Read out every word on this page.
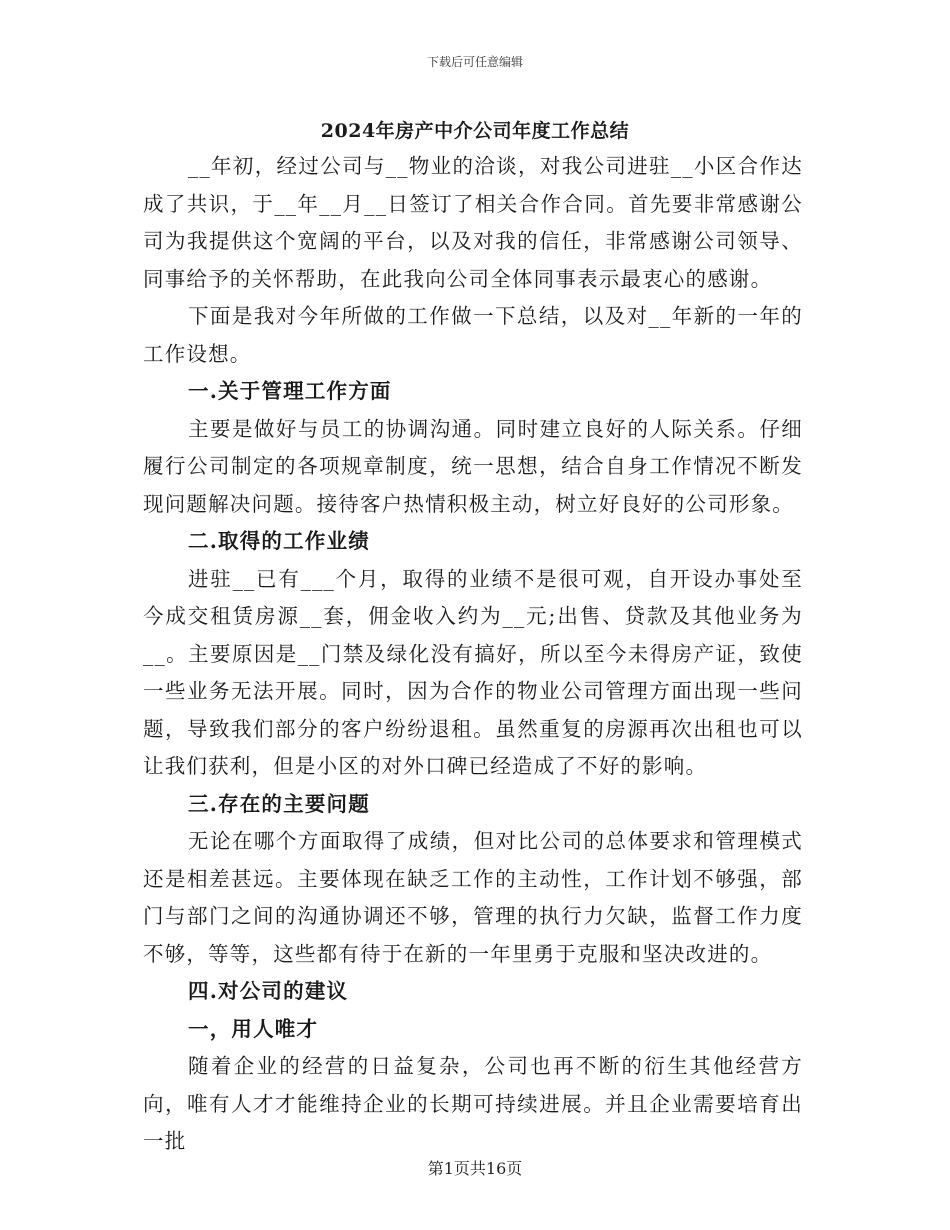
下载后可任意编辑
2024年房产中介公司年度工作总结

__年初，经过公司与__物业的洽谈，对我公司进驻__小区合作达成了共识，于__年__月__日签订了相关合作合同。首先要非常感谢公司为我提供这个宽阔的平台，以及对我的信任，非常感谢公司领导、同事给予的关怀帮助，在此我向公司全体同事表示最衷心的感谢。

下面是我对今年所做的工作做一下总结，以及对__年新的一年的工作设想。

一.关于管理工作方面

主要是做好与员工的协调沟通。同时建立良好的人际关系。仔细履行公司制定的各项规章制度，统一思想，结合自身工作情况不断发现问题解决问题。接待客户热情积极主动，树立好良好的公司形象。

二.取得的工作业绩

进驻__已有___个月，取得的业绩不是很可观，自开设办事处至今成交租赁房源__套，佣金收入约为__元;出售、贷款及其他业务为__。主要原因是__门禁及绿化没有搞好，所以至今未得房产证，致使一些业务无法开展。同时，因为合作的物业公司管理方面出现一些问题，导致我们部分的客户纷纷退租。虽然重复的房源再次出租也可以让我们获利，但是小区的对外口碑已经造成了不好的影响。

三.存在的主要问题

无论在哪个方面取得了成绩，但对比公司的总体要求和管理模式还是相差甚远。主要体现在缺乏工作的主动性，工作计划不够强，部门与部门之间的沟通协调还不够，管理的执行力欠缺，监督工作力度不够，等等，这些都有待于在新的一年里勇于克服和坚决改进的。

四.对公司的建议

一，用人唯才

随着企业的经营的日益复杂，公司也再不断的衍生其他经营方向，唯有人才才能维持企业的长期可持续进展。并且企业需要培育出一批

第1页共16页
